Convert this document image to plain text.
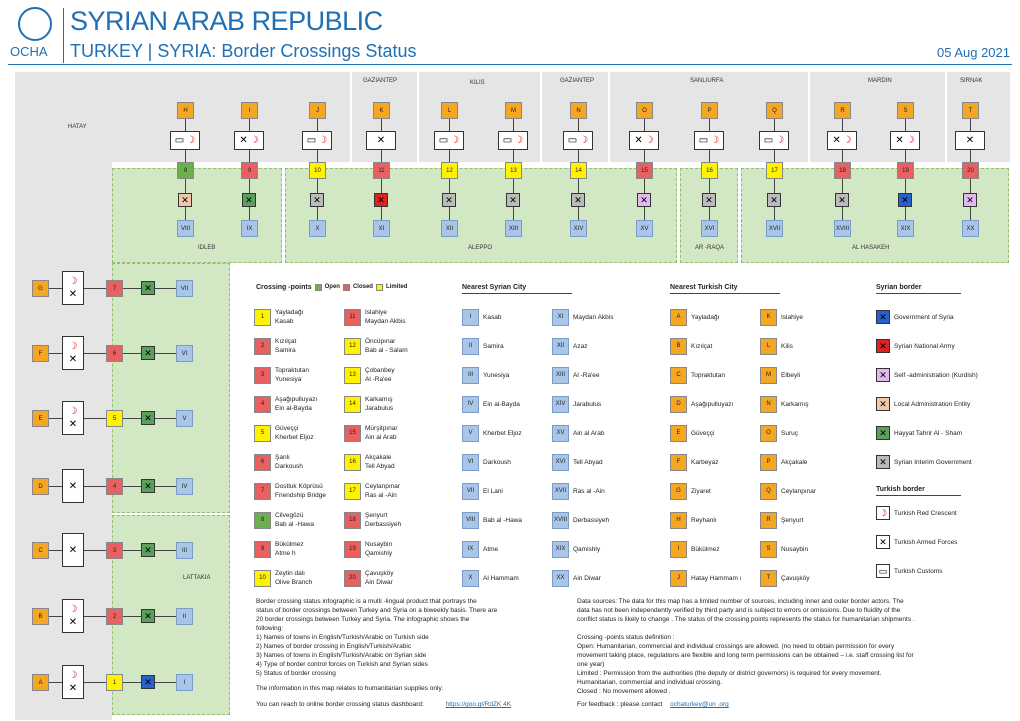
OCHA
SYRIAN ARAB REPUBLIC
TURKEY | SYRIA: Border Crossings Status	05 Aug 2021
HATAY
GAZIANTEP	KILIS	GAZIANTEP	SANLIURFA	MARDIN	SIRNAK
IDLEB	ALEPPO	AR -RAQA	AL HASAKEH
LATTAKIA
H
▭ ☽
8
✕
VIII
I
✕ ☽
9
✕
IX
J
▭ ☽
10
✕
X
K
✕
11
✕
XI
L
▭ ☽
12
✕
XII
M
▭ ☽
13
✕
XIII
N
▭ ☽
14
✕
XIV
O
✕ ☽
15
✕
XV
P
▭ ☽
16
✕
XVI
Q
▭ ☽
17
✕
XVII
R
✕ ☽
18
✕
XVIII
S
✕ ☽
19
✕
XIX
T
✕
20
✕
XX
G
☽
✕
7	✕	VII
F
☽
✕
6	✕	VI
E
☽
✕
5	✕	V
D	✕	4	✕	IV
C	✕	3	✕	III
B
☽
✕
2	✕	II
A
☽
✕
1	✕	I
Crossing -points Open Closed Limited	Nearest Syrian City	Nearest Turkish City	Syrian border
Turkish border
1
Yayladağı
Kasab
2
Kızılçat
Samira
3
Topraktutan
Yunesiya
4
Aşağıpulluyazı
Ein al-Bayda
5
Güveççi
Kherbet Eljoz
6
Şanlı
Darkoush
7
Dostluk Köprüsü
Friendship Bridge
8
Cilvegözü
Bab al -Hawa
9
Bükülmez
Atme h
10
Zeytin dalı
Olive Branch
11
Islahiye
Maydan Akbis
12
Öncüpınar
Bab al - Salam
13
Çobanbey
Al -Ra'ee
14
Karkamış
Jarabulus
15
Mürşitpınar
Ain al Arab
16
Akçakale
Tell Abyad
17
Ceylanpınar
Ras al -Ain
18
Şenyurt
Derbassiyeh
19
Nusaybin
Qamishly
20
Çavuşköy
Ain Diwar
I	Kasab
II	Samira
III	Yunesiya
IV	Ein al-Bayda
V	Kherbet Eljoz
VI	Darkoush
VII	El Lani
VIII	Bab al -Hawa
IX	Atme
X	Al Hammam
XI	Maydan Akbis
XII	Azaz
XIII	Al -Ra'ee
XIV	Jarabulus
XV	Ain al Arab
XVI	Tell Abyad
XVII	Ras al -Ain
XVIII Derbassiyeh
XIX	Qamishly
XX	Ain Diwar
A	Yayladağı
B	Kızılçat
C	Topraktutan
D	Aşağıpulluyazı
E	Güveççi
F	Karbeyaz
G	Ziyaret
H	Reyhanlı
I	Bükülmez
J	Hatay Hammam ı
K	Islahiye
L	Kilis
M	Elbeyli
N	Karkamış
O	Suruç
P	Akçakale
Q	Ceylanpınar
R	Şenyurt
S	Nusaybin
T	Çavuşköy
✕	Government of Syria
✕	Syrian National Army
✕	Self -administration (Kurdish)
✕	Local Administration Entity
✕	Hayyat Tahrir Al - Sham
✕	Syrian Interim Government
☽	Turkish Red Crescent
✕	Turkish Armed Forces
▭	Turkish Customs
Border crossing status infographic is a multi -lingual product that portrays the
status of border crossings between Turkey and Syria on a biweekly basis. There are
20 border crossings between Turkey and Syria. The infographic shows the
following:
1) Names of towns in English/Turkish/Arabic on Turkish side
2) Names of border crossing in English/Turkish/Arabic
3) Names of towns in English/Turkish/Arabic on Syrian side
4) Type of border control forces on Turkish and Syrian sides
5) Status of border crossing
The information in this map relates to humanitarian supplies only.
You can reach to online border crossing status dashboard:	https://goo.gl/RdZK 4K
Data sources: The data for this map has a limited number of sources, including inner and outer border actors. The
data has not been independently verified by third party and is subject to errors or omissions. Due to fluidity of the
conflict status is likely to change . The status of the crossing points represents the status for humanitarian shipments .
Crossing -points status definition :
Open: Humanitarian, commercial and individual crossings are allowed. (no need to obtain permission for every
movement taking place, regulations are flexible and long term permissions can be obtained – i.e. staff crossing list for
one year)
Limited : Permission from the authorities (the deputy or district governors) is required for every movement.
Humanitarian, commercial and individual crossing.
Closed : No movement allowed .
For feedback : please contact ochaturkey@un .org
